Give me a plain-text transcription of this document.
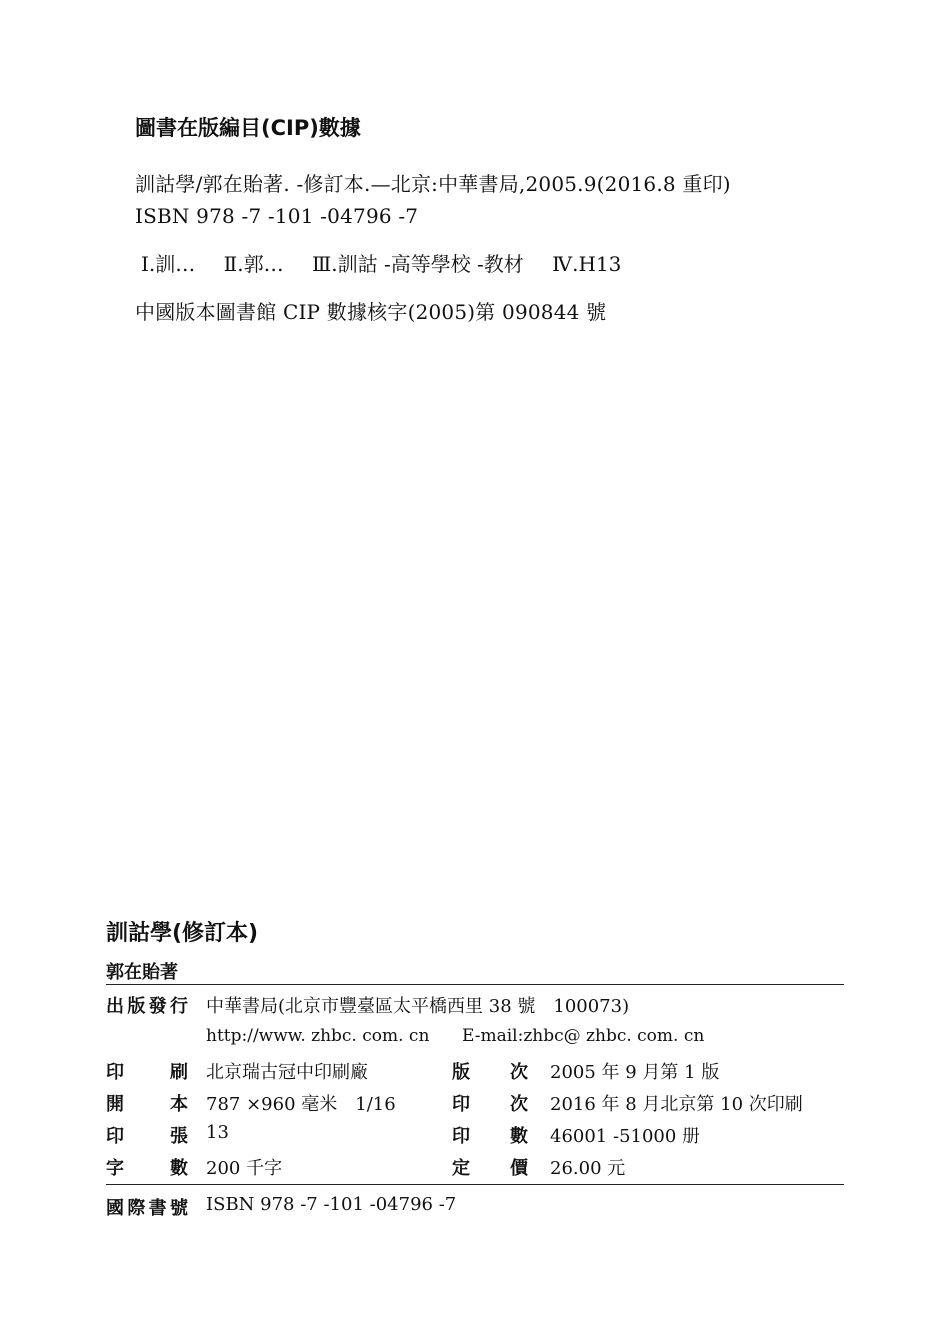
圖書在版編目(CIP)數據
訓詁學/郭在貽著. -修訂本.—北京:中華書局,2005.9(2016.8 重印)
ISBN 978 -7 -101 -04796 -7
Ⅰ.訓… Ⅱ.郭… Ⅲ.訓詁 -高等學校 -教材 Ⅳ.H13
中國版本圖書館 CIP 數據核字(2005)第 090844 號
訓詁學(修訂本)
郭在貽著
出版發行 中華書局(北京市豐臺區太平橋西里 38 號　100073)
http://www. zhbc. com. cn E-mail:zhbc@ zhbc. com. cn
印刷 北京瑞古冠中印刷廠	版次 2005 年 9 月第 1 版
開本 787 ×960 毫米　1/16	印次 2016 年 8 月北京第 10 次印刷
印張 13	印數 46001 -51000 册
字數 200 千字	定價 26.00 元
國際書號 ISBN 978 -7 -101 -04796 -7
